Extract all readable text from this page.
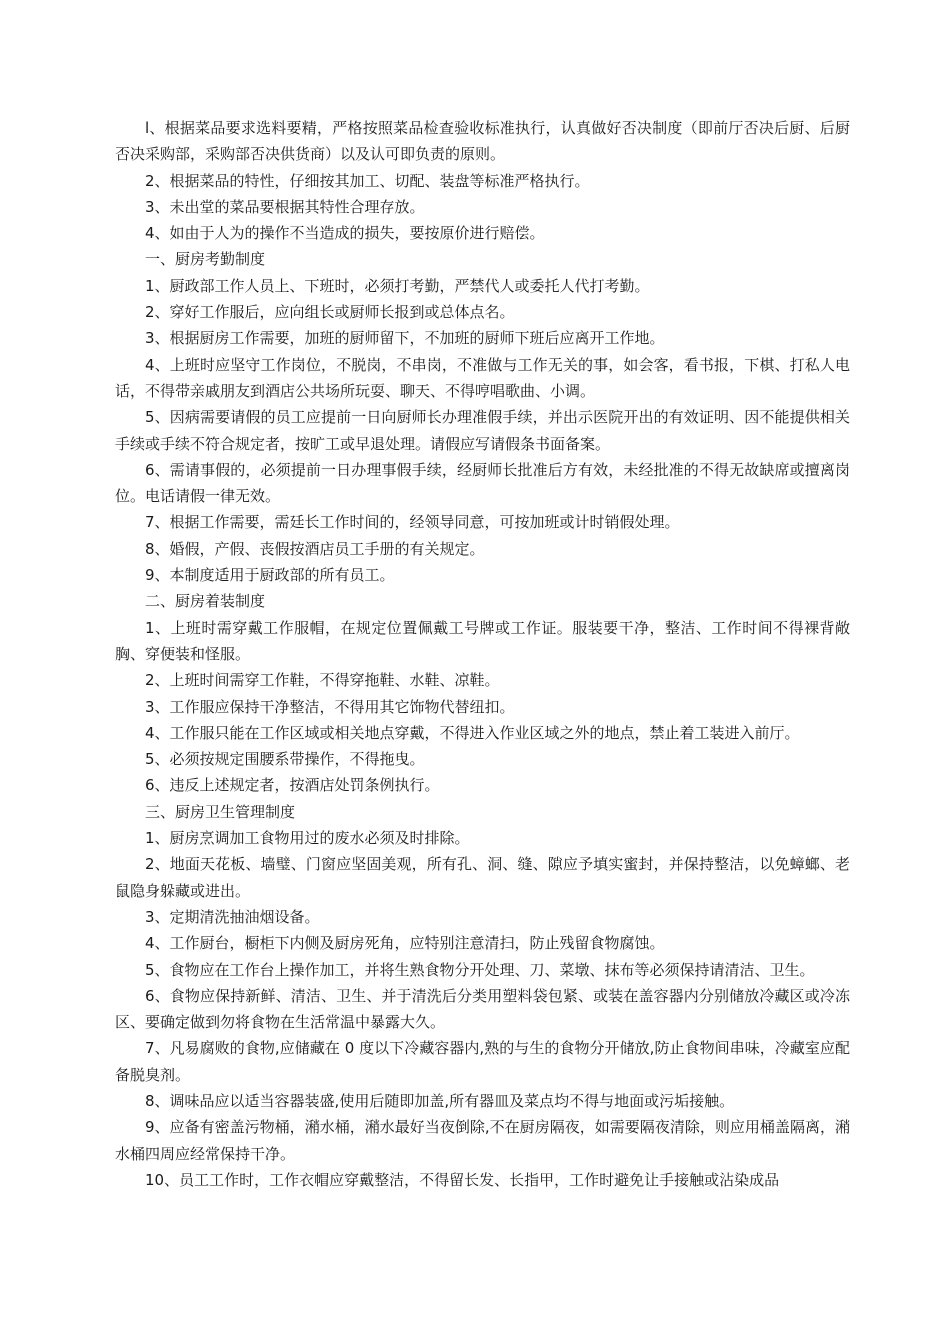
l、根据菜品要求选料要精，严格按照菜品检查验收标准执行，认真做好否决制度（即前厅否决后厨、后厨否决采购部，采购部否决供货商）以及认可即负责的原则。

2、根据菜品的特性，仔细按其加工、切配、装盘等标准严格执行。

3、未出堂的菜品要根据其特性合理存放。

4、如由于人为的操作不当造成的损失，要按原价进行赔偿。

一、厨房考勤制度

1、厨政部工作人员上、下班时，必须打考勤，严禁代人或委托人代打考勤。

2、穿好工作服后，应向组长或厨师长报到或总体点名。

3、根据厨房工作需要，加班的厨师留下，不加班的厨师下班后应离开工作地。

4、上班时应坚守工作岗位，不脱岗，不串岗，不准做与工作无关的事，如会客，看书报，下棋、打私人电话，不得带亲戚朋友到酒店公共场所玩耍、聊天、不得哼唱歌曲、小调。

5、因病需要请假的员工应提前一日向厨师长办理准假手续，并出示医院开出的有效证明、因不能提供相关手续或手续不符合规定者，按旷工或早退处理。请假应写请假条书面备案。

6、需请事假的，必须提前一日办理事假手续，经厨师长批准后方有效，未经批准的不得无故缺席或擅离岗位。电话请假一律无效。

7、根据工作需要，需廷长工作时间的，经领导同意，可按加班或计时销假处理。

8、婚假，产假、丧假按酒店员工手册的有关规定。

9、本制度适用于厨政部的所有员工。

二、厨房着装制度

1、上班时需穿戴工作服帽，在规定位置佩戴工号牌或工作证。服装要干净，整洁、工作时间不得裸背敞胸、穿便装和怪服。

2、上班时间需穿工作鞋，不得穿拖鞋、水鞋、凉鞋。

3、工作服应保持干净整洁，不得用其它饰物代替纽扣。

4、工作服只能在工作区域或相关地点穿戴，不得进入作业区域之外的地点，禁止着工装进入前厅。

5、必须按规定围腰系带操作，不得拖曳。

6、违反上述规定者，按酒店处罚条例执行。

三、厨房卫生管理制度

1、厨房烹调加工食物用过的废水必须及时排除。

2、地面天花板、墙璧、门窗应坚固美观，所有孔、洞、缝、隙应予填实蜜封，并保持整洁，以免蟑螂、老鼠隐身躲藏或进出。

3、定期清洗抽油烟设备。

4、工作厨台，橱柜下内侧及厨房死角，应特别注意清扫，防止残留食物腐蚀。

5、食物应在工作台上操作加工，并将生熟食物分开处理、刀、菜墩、抹布等必须保持请清洁、卫生。

6、食物应保持新鲜、清洁、卫生、并于清洗后分类用塑料袋包紧、或装在盖容器内分别储放冷藏区或冷冻区、要确定做到勿将食物在生活常温中暴露大久。

7、凡易腐败的食物,应储藏在 0 度以下冷藏容器内,熟的与生的食物分开储放,防止食物间串味，冷藏室应配备脱臭剂。

8、调味品应以适当容器装盛,使用后随即加盖,所有器皿及菜点均不得与地面或污垢接触。

9、应备有密盖污物桶，潲水桶，潲水最好当夜倒除,不在厨房隔夜，如需要隔夜清除，则应用桶盖隔离，潲水桶四周应经常保持干净。

10、员工工作时，工作衣帽应穿戴整洁，不得留长发、长指甲，工作时避免让手接触或沾染成品
